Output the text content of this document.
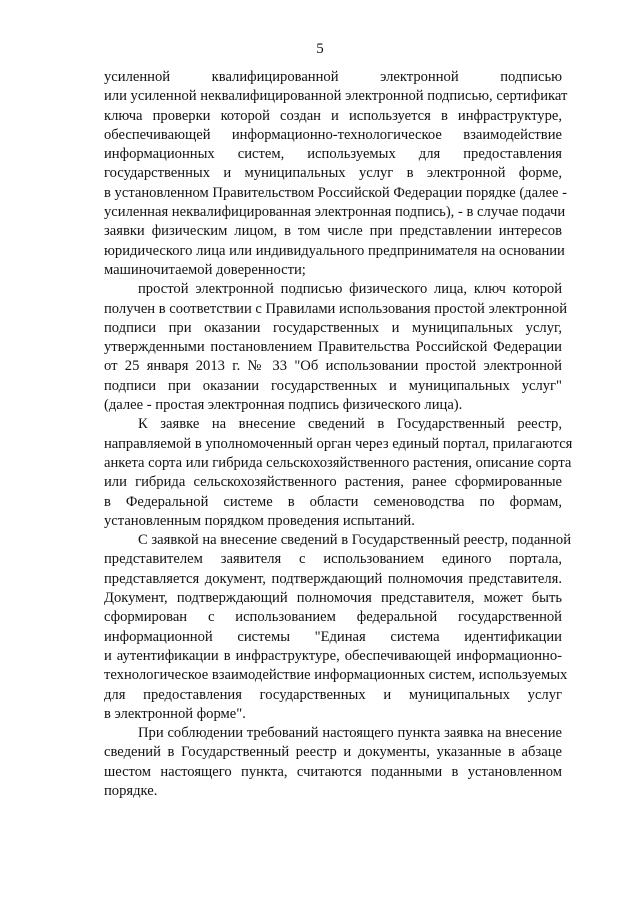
5
усиленной квалифицированной электронной подписью
или усиленной неквалифицированной электронной подписью, сертификат
ключа проверки которой создан и используется в инфраструктуре,
обеспечивающей информационно-технологическое взаимодействие
информационных систем, используемых для предоставления
государственных и муниципальных услуг в электронной форме,
в установленном Правительством Российской Федерации порядке (далее -
усиленная неквалифицированная электронная подпись), - в случае подачи
заявки физическим лицом, в том числе при представлении интересов
юридического лица или индивидуального предпринимателя на основании
машиночитаемой доверенности;
простой электронной подписью физического лица, ключ которой
получен в соответствии с Правилами использования простой электронной
подписи при оказании государственных и муниципальных услуг,
утвержденными постановлением Правительства Российской Федерации
от 25 января 2013 г. № 33 "Об использовании простой электронной
подписи при оказании государственных и муниципальных услуг"
(далее - простая электронная подпись физического лица).
К заявке на внесение сведений в Государственный реестр,
направляемой в уполномоченный орган через единый портал, прилагаются
анкета сорта или гибрида сельскохозяйственного растения, описание сорта
или гибрида сельскохозяйственного растения, ранее сформированные
в Федеральной системе в области семеноводства по формам,
установленным порядком проведения испытаний.
С заявкой на внесение сведений в Государственный реестр, поданной
представителем заявителя с использованием единого портала,
представляется документ, подтверждающий полномочия представителя.
Документ, подтверждающий полномочия представителя, может быть
сформирован с использованием федеральной государственной
информационной системы "Единая система идентификации
и аутентификации в инфраструктуре, обеспечивающей информационно-
технологическое взаимодействие информационных систем, используемых
для предоставления государственных и муниципальных услуг
в электронной форме".
При соблюдении требований настоящего пункта заявка на внесение
сведений в Государственный реестр и документы, указанные в абзаце
шестом настоящего пункта, считаются поданными в установленном
порядке.
